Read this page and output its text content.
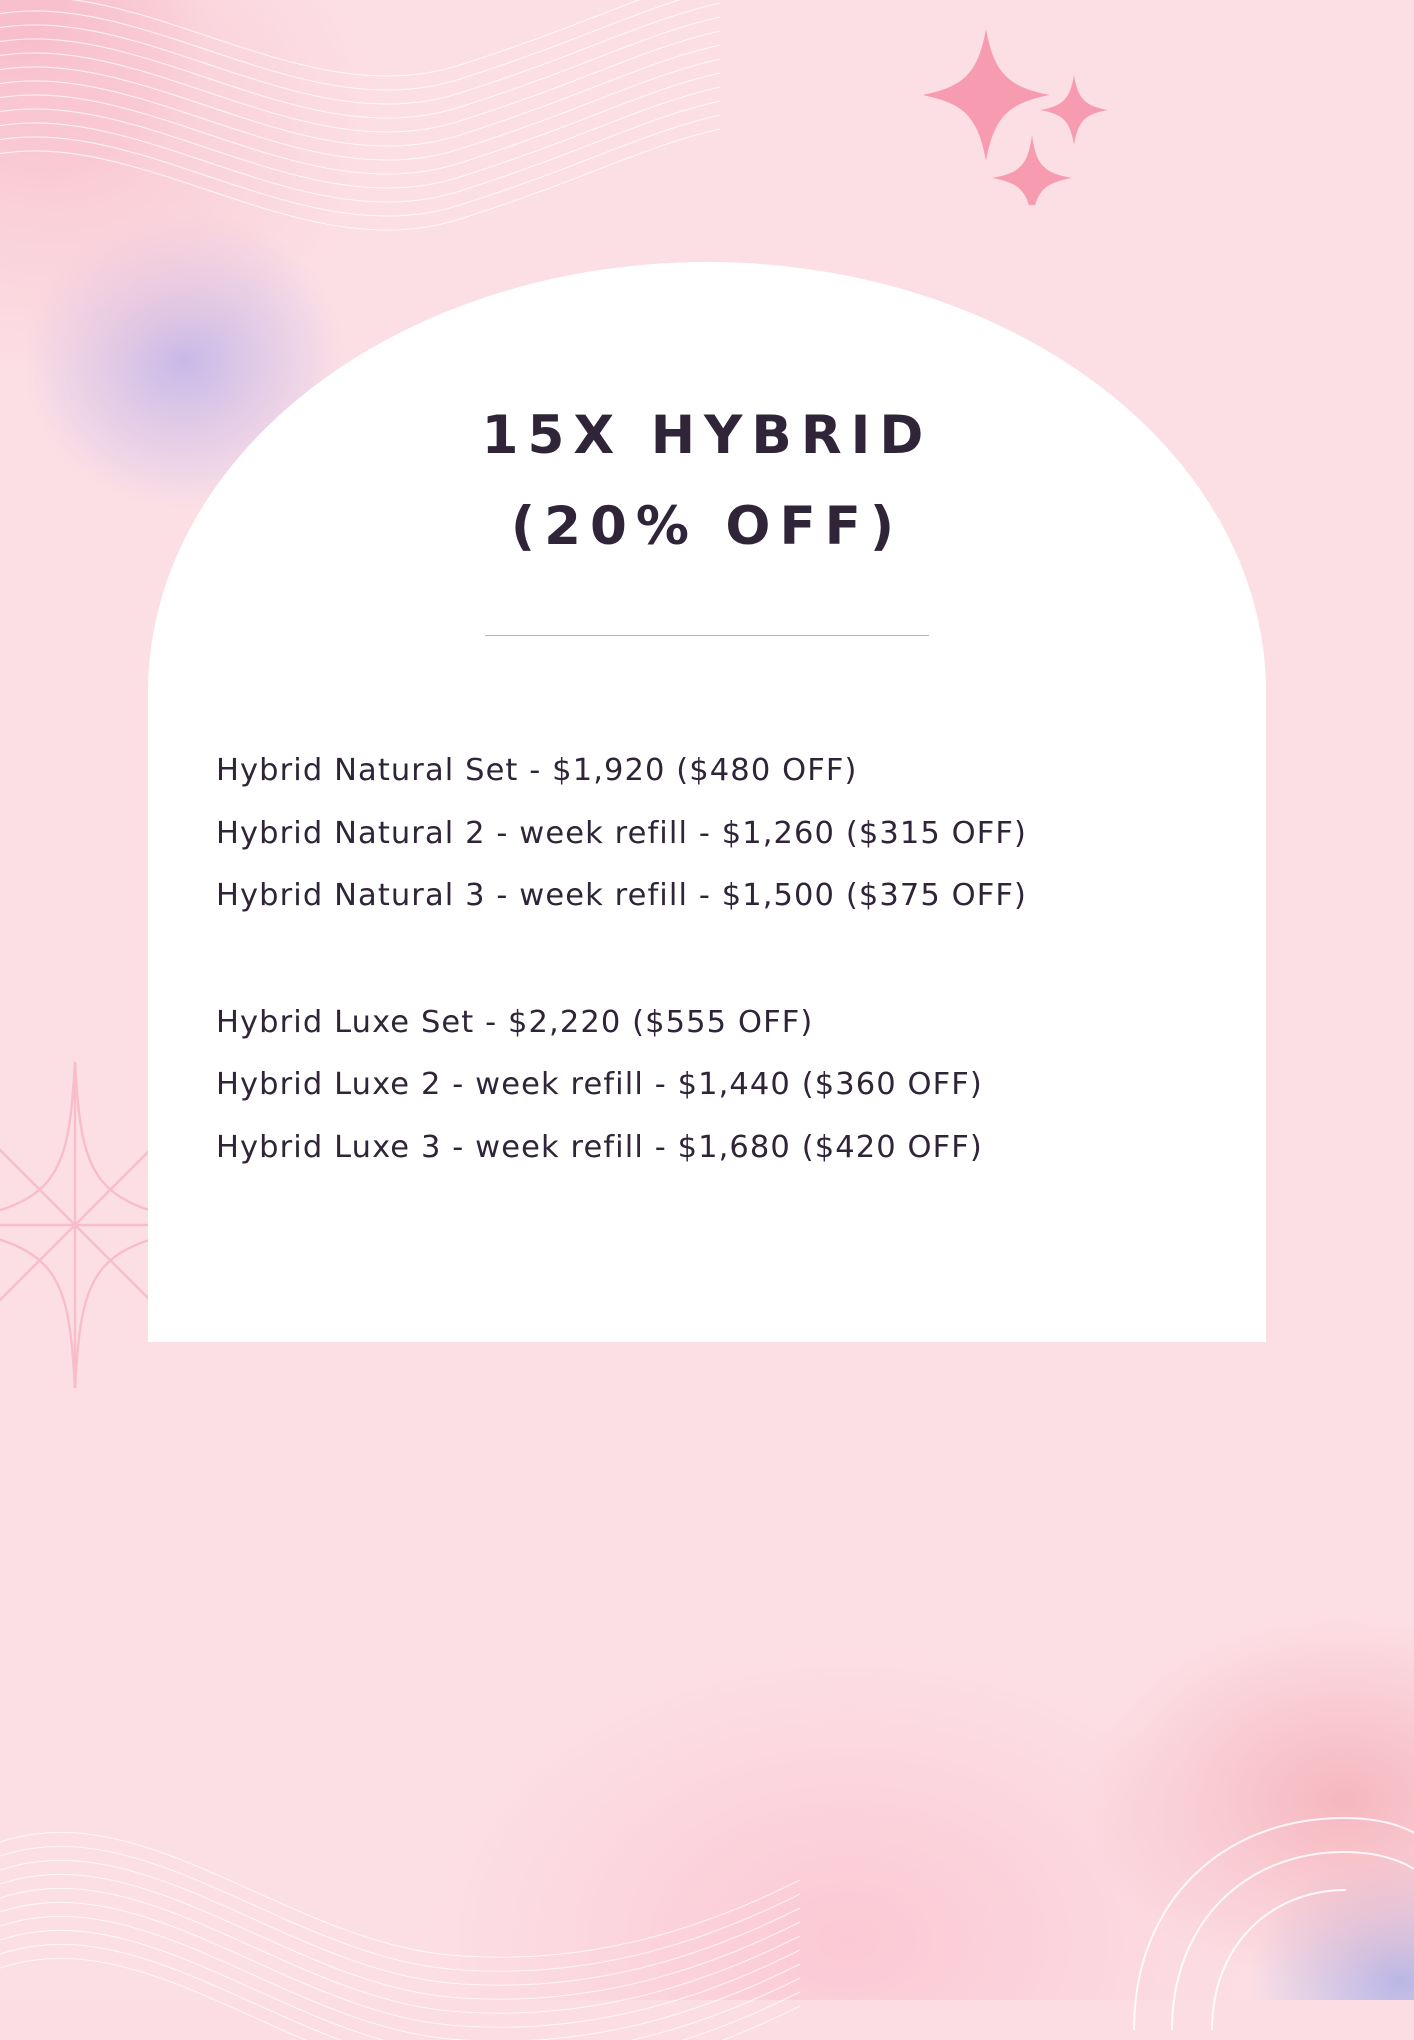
15X HYBRID
(20% OFF)
Hybrid Natural Set - $1,920 ($480 OFF)
Hybrid Natural 2 - week refill - $1,260 ($315 OFF)
Hybrid Natural 3 - week refill - $1,500 ($375 OFF)
Hybrid Luxe Set - $2,220 ($555 OFF)
Hybrid Luxe 2 - week refill - $1,440 ($360 OFF)
Hybrid Luxe 3 - week refill - $1,680 ($420 OFF)
